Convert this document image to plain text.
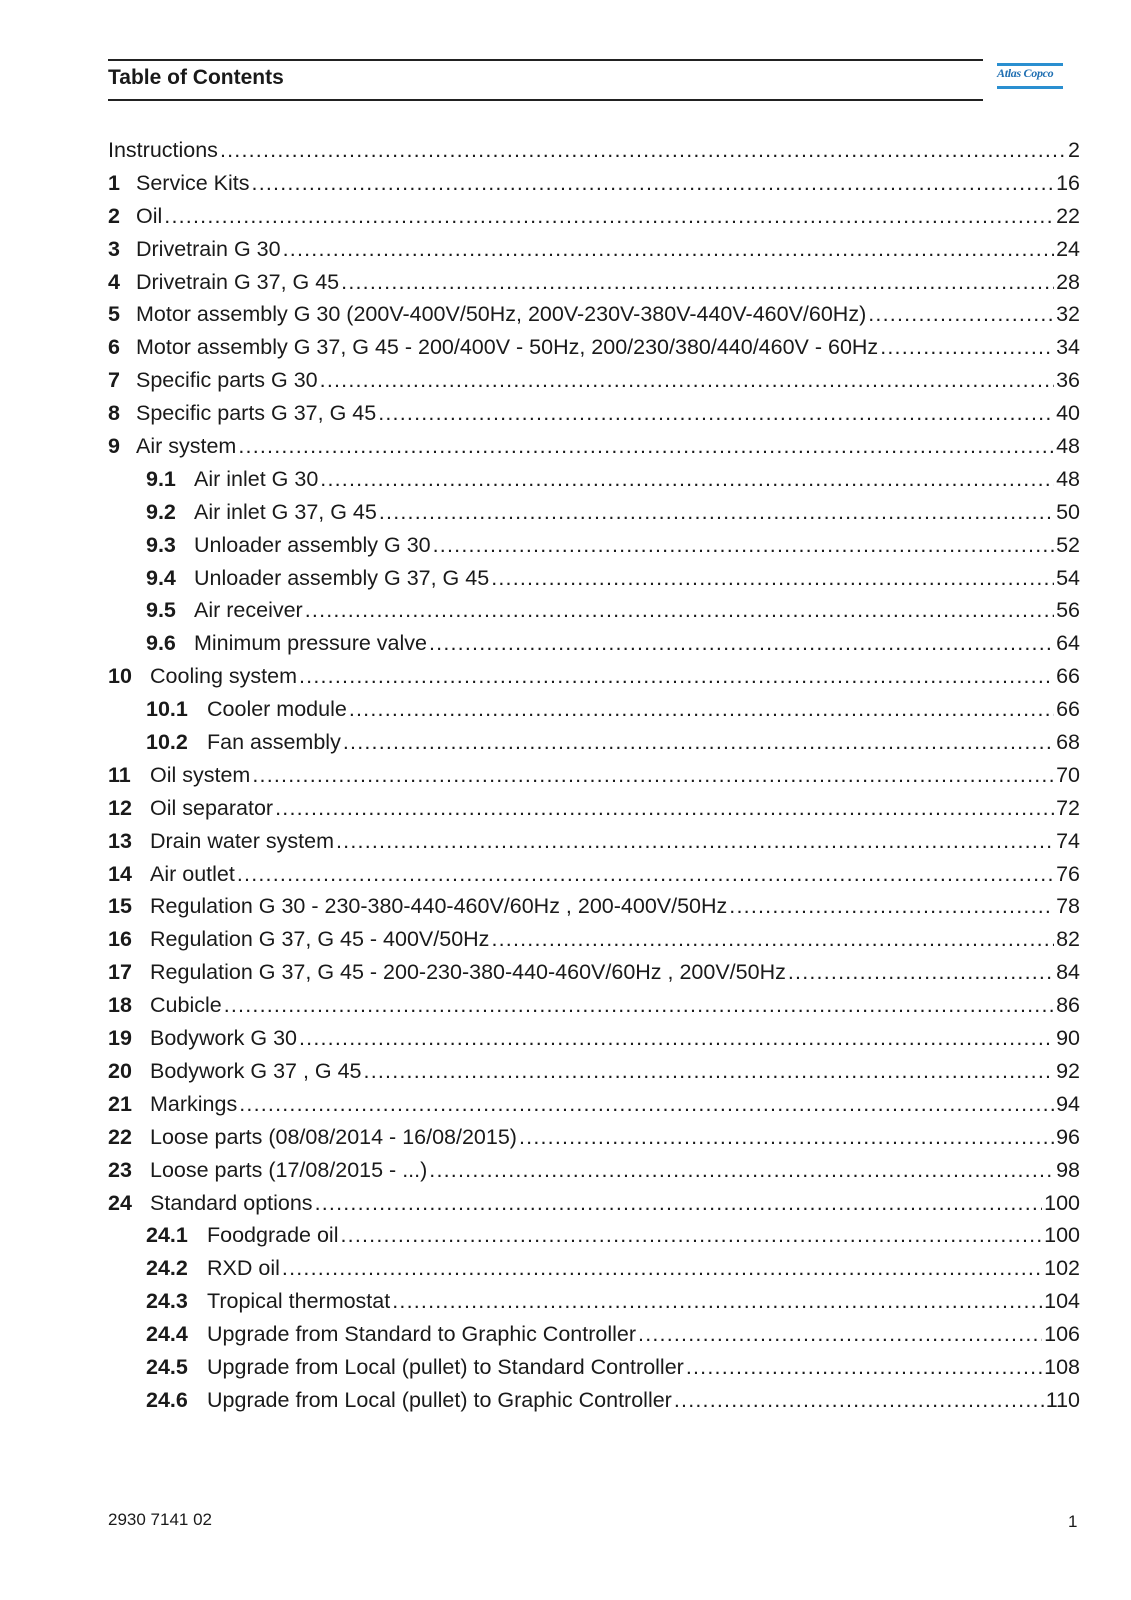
Table of Contents	Atlas Copco
Instructions .....	2
1 Service Kits .....	16
2 Oil .....	22
3 Drivetrain G 30 .....	24
4 Drivetrain G 37, G 45 .....	28
5 Motor assembly G 30 (200V-400V/50Hz, 200V-230V-380V-440V-460V/60Hz) .....	32
6 Motor assembly G 37, G 45 - 200/400V - 50Hz, 200/230/380/440/460V - 60Hz .....	34
7 Specific parts G 30 .....	36
8 Specific parts G 37, G 45 .....	40
9 Air system .....	48
9.1 Air inlet G 30 .....	48
9.2 Air inlet G 37, G 45 .....	50
9.3 Unloader assembly G 30 .....	52
9.4 Unloader assembly G 37, G 45 .....	54
9.5 Air receiver .....	56
9.6 Minimum pressure valve .....	64
10 Cooling system .....	66
10.1 Cooler module .....	66
10.2 Fan assembly .....	68
11 Oil system .....	70
12 Oil separator .....	72
13 Drain water system .....	74
14 Air outlet .....	76
15 Regulation G 30 - 230-380-440-460V/60Hz , 200-400V/50Hz .....	78
16 Regulation G 37, G 45 - 400V/50Hz .....	82
17 Regulation G 37, G 45 - 200-230-380-440-460V/60Hz , 200V/50Hz .....	84
18 Cubicle .....	86
19 Bodywork G 30 .....	90
20 Bodywork G 37 , G 45 .....	92
21 Markings .....	94
22 Loose parts (08/08/2014 - 16/08/2015) .....	96
23 Loose parts (17/08/2015 - ...) .....	98
24 Standard options .....	100
24.1 Foodgrade oil .....	100
24.2 RXD oil .....	102
24.3 Tropical thermostat .....	104
24.4 Upgrade from Standard to Graphic Controller .....	106
24.5 Upgrade from Local (pullet) to Standard Controller .....	108
24.6 Upgrade from Local (pullet) to Graphic Controller .....	110
2930 7141 02	1
